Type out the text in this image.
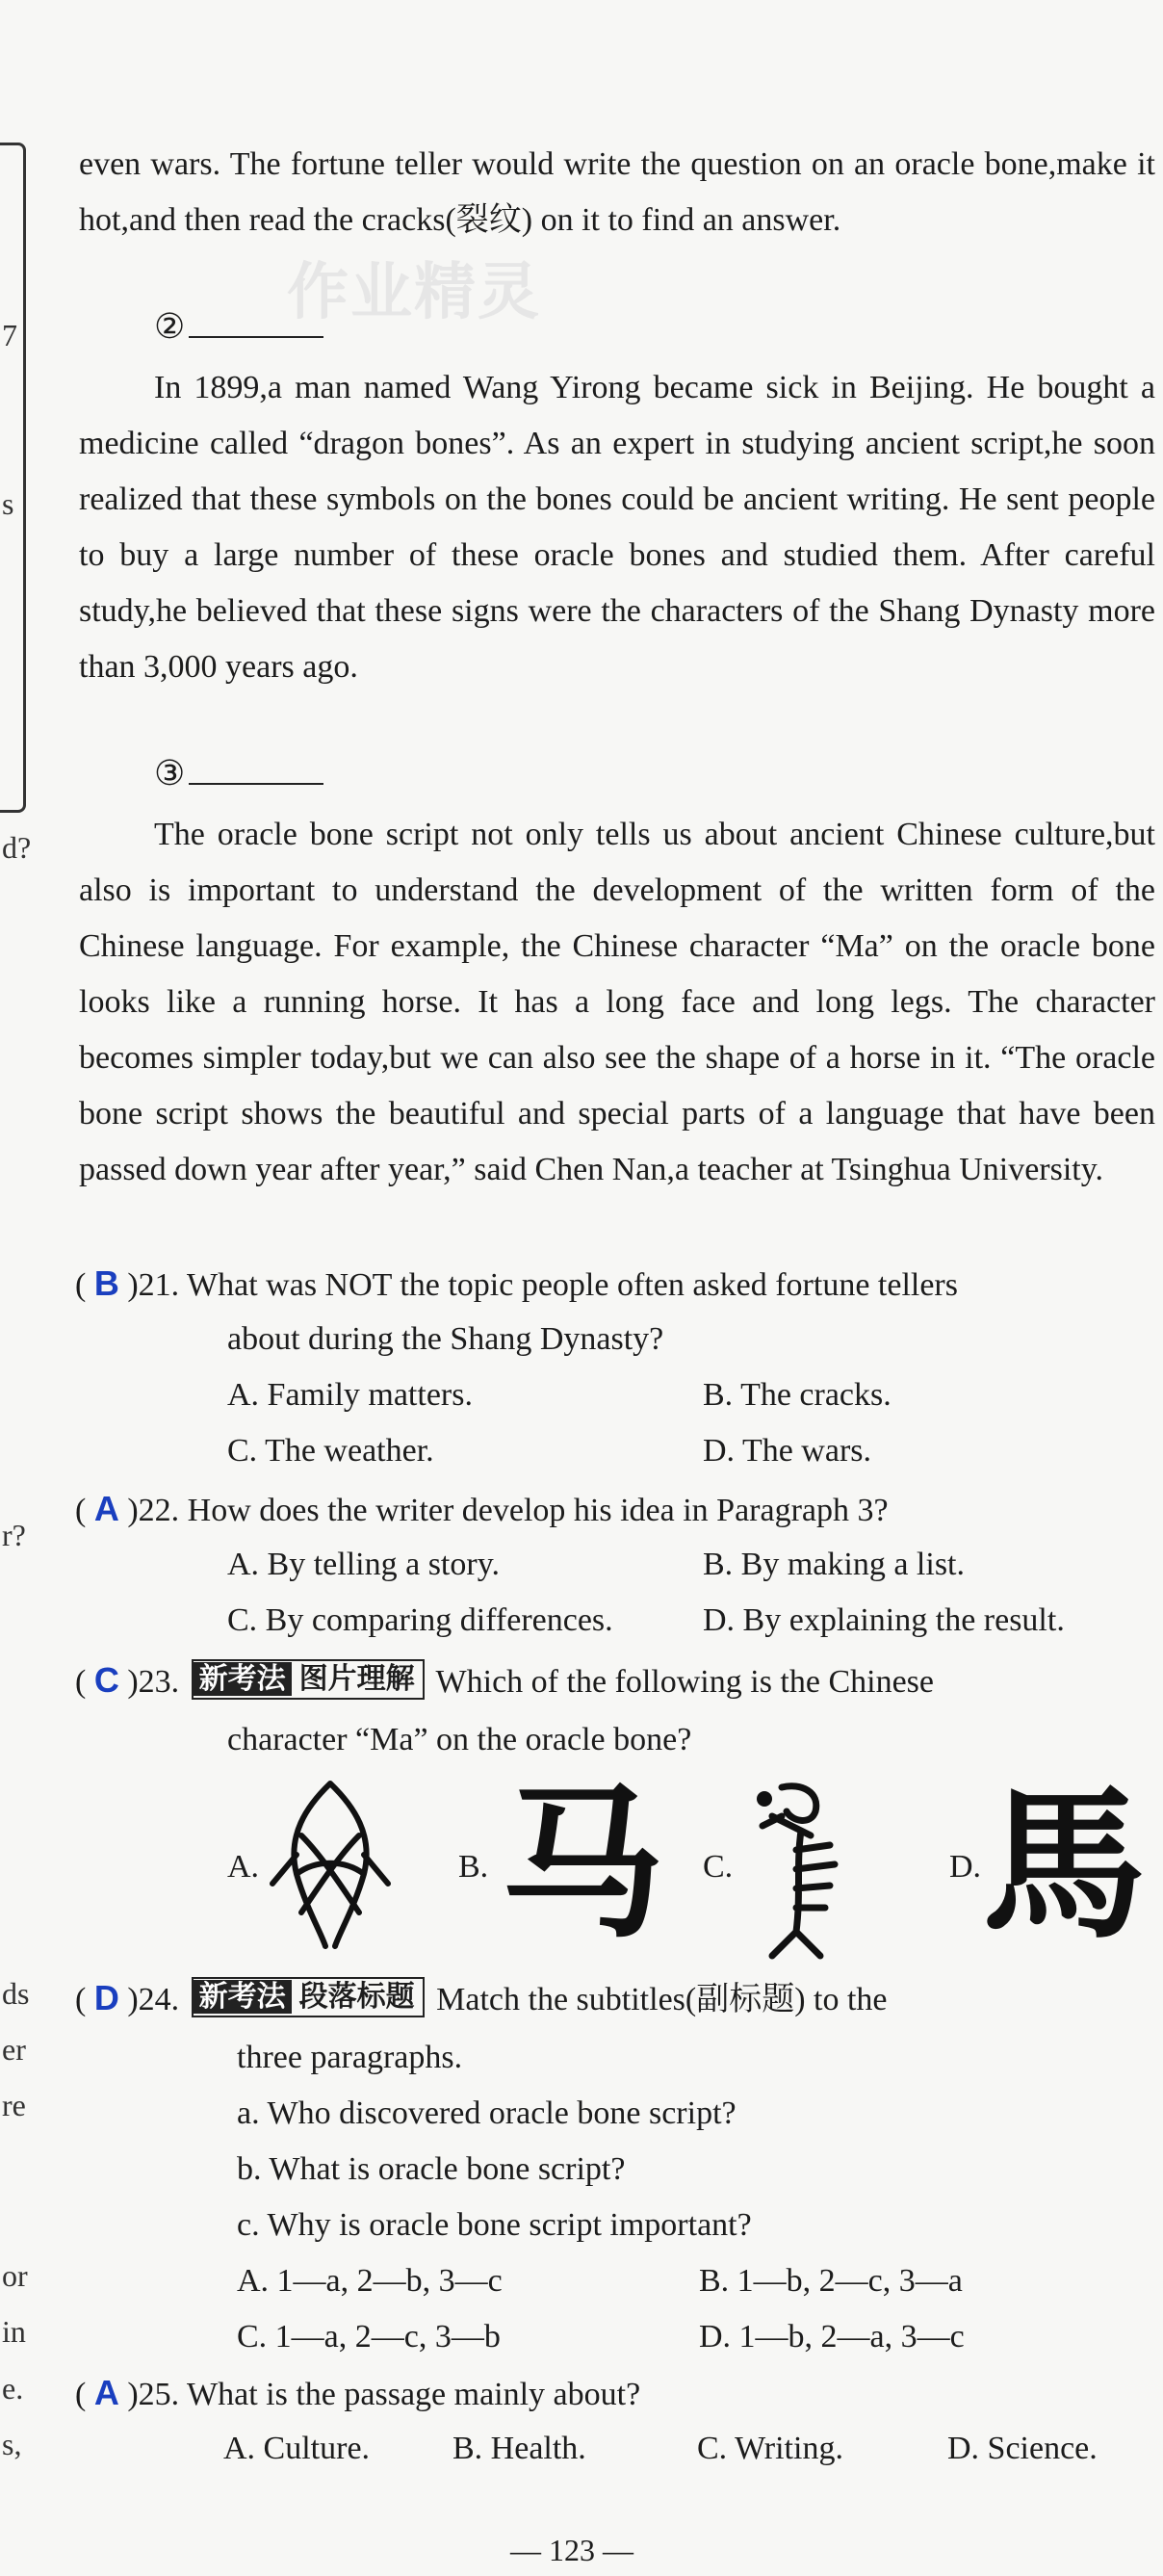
7
s
d?
r?
ds
er
re
or
in
e.
s,
作业精灵

even wars. The fortune teller would write the question on an oracle bone,make it hot,and then read the cracks(裂纹) on it to find an answer.

②

In 1899,a man named Wang Yirong became sick in Beijing. He bought a medicine called “dragon bones”. As an expert in studying ancient script,he soon realized that these symbols on the bones could be ancient writing. He sent people to buy a large number of these oracle bones and studied them. After careful study,he believed that these signs were the characters of the Shang Dynasty more than 3,000 years ago.

③

The oracle bone script not only tells us about ancient Chinese culture,but also is important to understand the development of the written form of the Chinese language. For example, the Chinese character “Ma” on the oracle bone looks like a running horse. It has a long face and long legs. The character becomes simpler today,but we can also see the shape of a horse in it. “The oracle bone script shows the beautiful and special parts of a language that have been passed down year after year,” said Chen Nan,a teacher at Tsinghua University.

( B )21. What was NOT the topic people often asked fortune tellers
about during the Shang Dynasty?
A. Family matters.	B. The cracks.
C. The weather.	D. The wars.
( A )22. How does the writer develop his idea in Paragraph 3?
A. By telling a story.	B. By making a list.
C. By comparing differences.	D. By explaining the result.
( C )23. 新考法 图片理解 Which of the following is the Chinese
character “Ma” on the oracle bone?
A.	B. 马 C.	D. 馬
( D )24. 新考法 段落标题 Match the subtitles(副标题) to the
three paragraphs.
a. Who discovered oracle bone script?
b. What is oracle bone script?
c. Why is oracle bone script important?
A. 1—a, 2—b, 3—c	B. 1—b, 2—c, 3—a
C. 1—a, 2—c, 3—b	D. 1—b, 2—a, 3—c
( A )25. What is the passage mainly about?
A. Culture.	B. Health.	C. Writing.	D. Science.
— 123 —
